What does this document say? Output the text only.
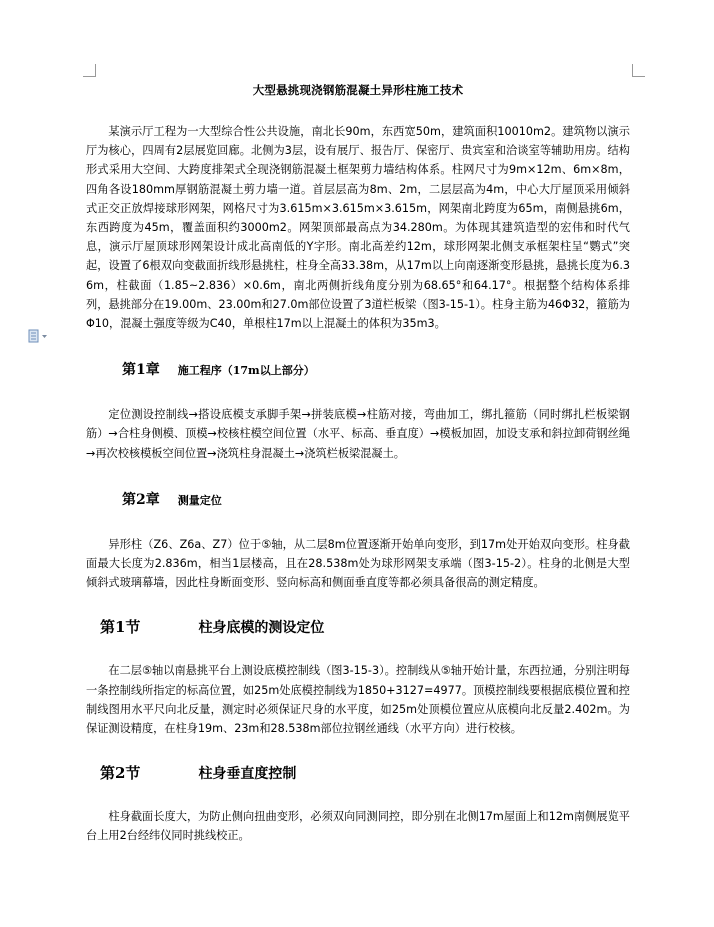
大型悬挑现浇钢筋混凝土异形柱施工技术

某演示厅工程为一大型综合性公共设施，南北长90m，东西宽50m，建筑面积10010m2。建筑物以演示厅为核心，四周有2层展览回廊。北侧为3层，设有展厅、报告厅、保密厅、贵宾室和洽谈室等辅助用房。结构形式采用大空间、大跨度排架式全现浇钢筋混凝土框架剪力墙结构体系。柱网尺寸为9m×12m、6m×8m，四角各设180mm厚钢筋混凝土剪力墙一道。首层层高为8m、2m，二层层高为4m，中心大厅屋顶采用倾斜式正交正放焊接球形网架，网格尺寸为3.615m×3.615m×3.615m，网架南北跨度为65m，南侧悬挑6m，东西跨度为45m，覆盖面积约3000m2。网架顶部最高点为34.280m。为体现其建筑造型的宏伟和时代气息，演示厅屋顶球形网架设计成北高南低的Y字形。南北高差约12m，球形网架北侧支承框架柱呈“鹦式”突起，设置了6根双向变截面折线形悬挑柱，柱身全高33.38m，从17m以上向南逐渐变形悬挑，悬挑长度为6.36m，柱截面（1.85~2.836）×0.6m，南北两侧折线角度分别为68.65°和64.17°。根据整个结构体系排列，悬挑部分在19.00m、23.00m和27.0m部位设置了3道栏板梁（图3-15-1）。柱身主筋为46Φ32，箍筋为Φ10，混凝土强度等级为C40，单根柱17m以上混凝土的体积为35m3。

第1章 施工程序（17m以上部分）

定位测设控制线→搭设底模支承脚手架→拼装底模→柱筋对接，弯曲加工，绑扎箍筋（同时绑扎栏板梁钢筋）→合柱身侧模、顶模→校核柱模空间位置（水平、标高、垂直度）→模板加固，加设支承和斜拉卸荷钢丝绳→再次校核模板空间位置→浇筑柱身混凝土→浇筑栏板梁混凝土。

第2章 测量定位

异形柱（Z6、Z6a、Z7）位于⑤轴，从二层8m位置逐渐开始单向变形，到17m处开始双向变形。柱身截面最大长度为2.836m，相当1层楼高，且在28.538m处为球形网架支承端（图3-15-2）。柱身的北侧是大型倾斜式玻璃幕墙，因此柱身断面变形、竖向标高和侧面垂直度等都必须具备很高的测定精度。

第1节	柱身底模的测设定位

在二层⑤轴以南悬挑平台上测设底模控制线（图3-15-3）。控制线从⑤轴开始计量，东西拉通，分别注明每一条控制线所指定的标高位置，如25m处底模控制线为1850+3127=4977。顶模控制线要根据底模位置和控制线图用水平尺向北反量，测定时必须保证尺身的水平度，如25m处顶模位置应从底模向北反量2.402m。为保证测设精度，在柱身19m、23m和28.538m部位拉钢丝通线（水平方向）进行校核。

第2节	柱身垂直度控制

柱身截面长度大，为防止侧向扭曲变形，必须双向同测同控，即分别在北侧17m屋面上和12m南侧展览平台上用2台经纬仪同时挑线校正。
